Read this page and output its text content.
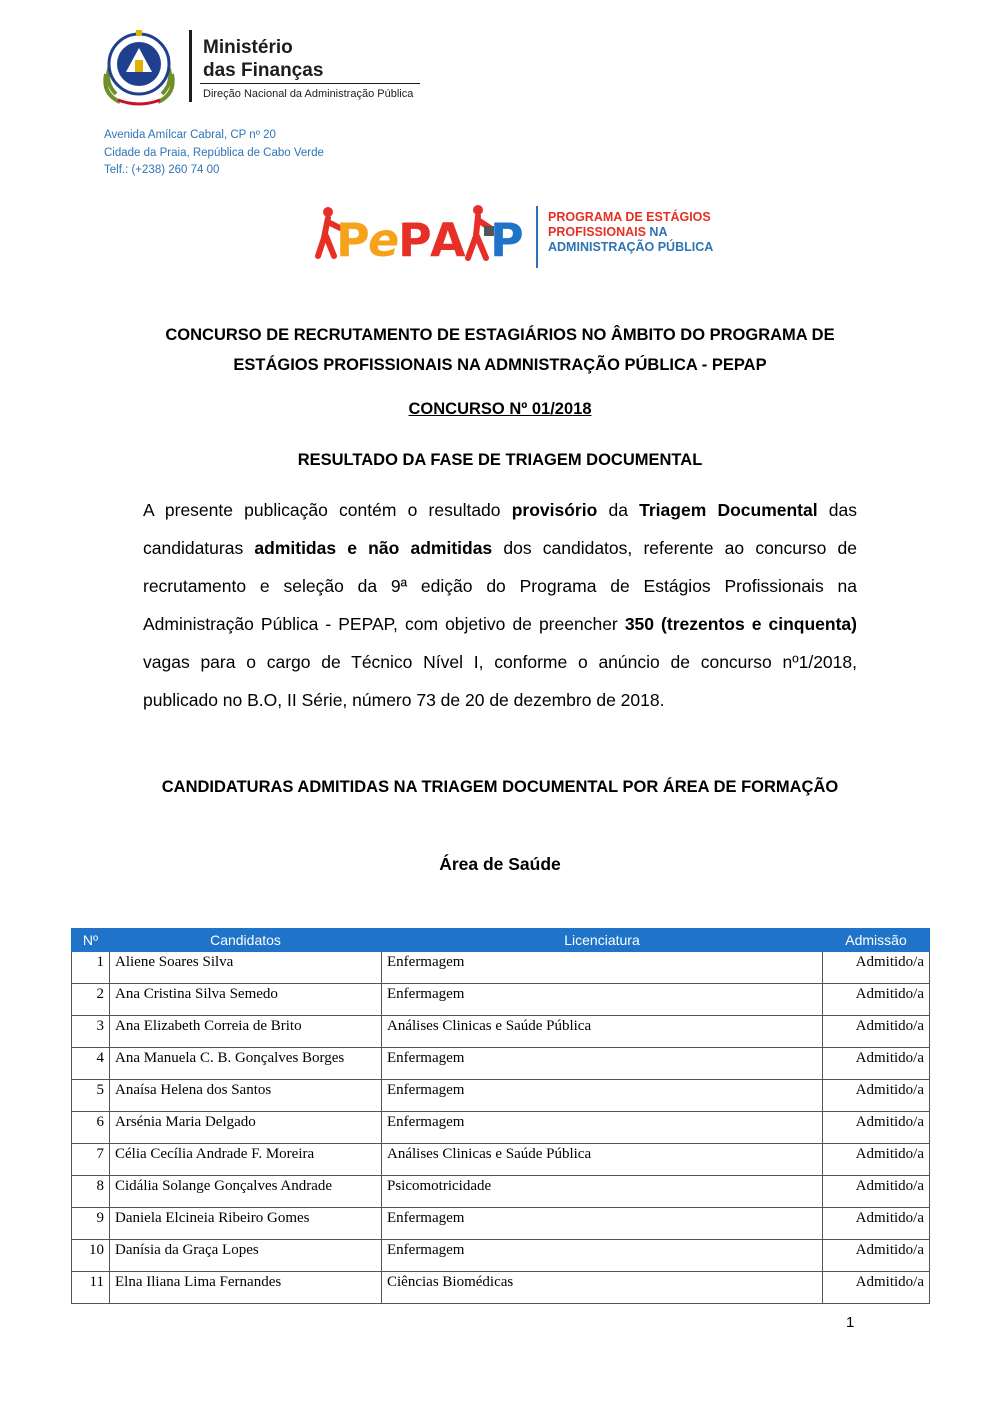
Ministério
das Finanças
Direção Nacional da Administração Pública
Avenida Amílcar Cabral, CP nº 20
Cidade da Praia, República de Cabo Verde
Telf.: (+238) 260 74 00
P
e
P
A P PROGRAMA DE ESTÁGIOS
PROFISSIONAIS NA
ADMINISTRAÇÃO PÚBLICA
CONCURSO DE RECRUTAMENTO DE ESTAGIÁRIOS NO ÂMBITO DO PROGRAMA DE
ESTÁGIOS PROFISSIONAIS NA ADMNISTRAÇÃO PÚBLICA - PEPAP
CONCURSO Nº 01/2018
RESULTADO DA FASE DE TRIAGEM DOCUMENTAL
A presente publicação contém o resultado provisório da Triagem Documental das candidaturas admitidas e não admitidas dos candidatos, referente ao concurso de recrutamento e seleção da 9ª edição do Programa de Estágios Profissionais na Administração Pública - PEPAP, com objetivo de preencher 350 (trezentos e cinquenta) vagas para o cargo de Técnico Nível I, conforme o anúncio de concurso nº1/2018, publicado no B.O, II Série, número 73 de 20 de dezembro de 2018.
CANDIDATURAS ADMITIDAS NA TRIAGEM DOCUMENTAL POR ÁREA DE FORMAÇÃO
Área de Saúde
Nº	Candidatos	Licenciatura	Admissão
1	Aliene Soares Silva	Enfermagem	Admitido/a
2	Ana Cristina Silva Semedo	Enfermagem	Admitido/a
3	Ana Elizabeth Correia de Brito	Análises Clinicas e Saúde Pública	Admitido/a
4	Ana Manuela C. B. Gonçalves Borges	Enfermagem	Admitido/a
5	Anaísa Helena dos Santos	Enfermagem	Admitido/a
6	Arsénia Maria Delgado	Enfermagem	Admitido/a
7	Célia Cecília Andrade F. Moreira	Análises Clinicas e Saúde Pública	Admitido/a
8	Cidália Solange Gonçalves Andrade	Psicomotricidade	Admitido/a
9	Daniela Elcineia Ribeiro Gomes	Enfermagem	Admitido/a
10	Danísia da Graça Lopes	Enfermagem	Admitido/a
11	Elna Iliana Lima Fernandes	Ciências Biomédicas	Admitido/a
1
